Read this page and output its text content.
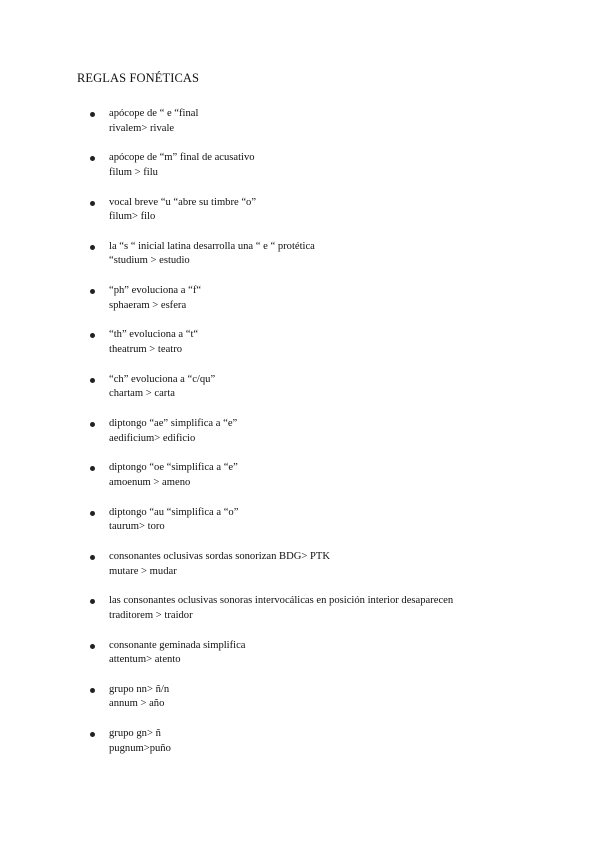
REGLAS FONÉTICAS
apócope de “ e “final
rivalem> rivale
apócope de “m” final de acusativo
filum > filu
vocal breve “u “abre su timbre “o”
filum> filo
la “s “ inicial latina desarrolla una “ e “ protética
“studium > estudio
“ph” evoluciona a “f“
sphaeram > esfera
“th” evoluciona a “t“
theatrum > teatro
“ch” evoluciona a “c/qu”
chartam > carta
diptongo “ae” simplifica a “e”
aedificium> edificio
diptongo “oe “simplifica a “e”
amoenum > ameno
diptongo “au “simplifica a “o”
taurum> toro
consonantes oclusivas sordas sonorizan BDG> PTK
mutare > mudar
las consonantes oclusivas sonoras intervocálicas en posición interior desaparecen
traditorem > traidor
consonante geminada simplifica
attentum> atento
grupo nn> ñ/n
annum > año
grupo gn> ñ
pugnum>puño
